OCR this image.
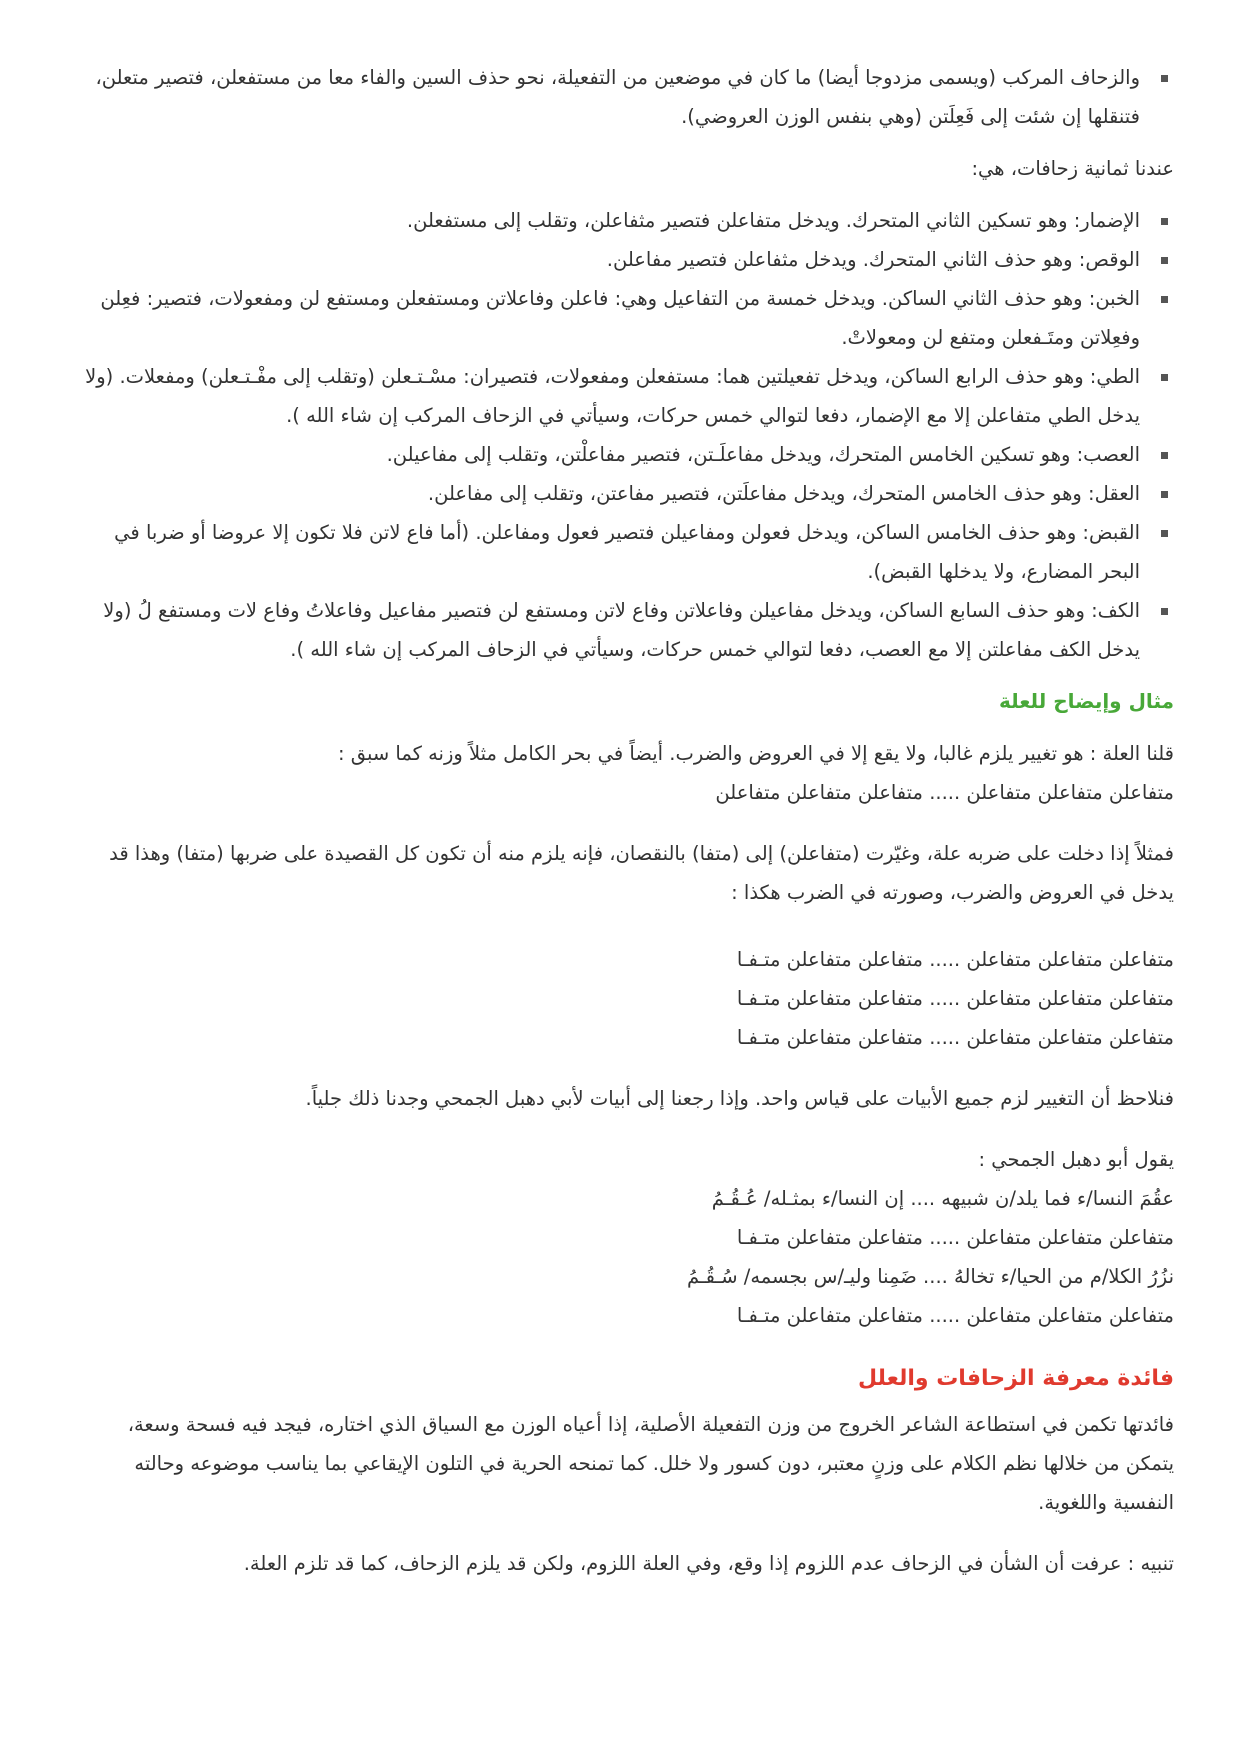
والزحاف المركب (ويسمى مزدوجا أيضا) ما كان في موضعين من التفعيلة، نحو حذف السين والفاء معا من مستفعلن، فتصير متعلن، فتنقلها إن شئت إلى فَعِلَتن (وهي بنفس الوزن العروضي).

عندنا ثمانية زحافات، هي:

الإضمار: وهو تسكين الثاني المتحرك. ويدخل متفاعلن فتصير مثفاعلن، وتقلب إلى مستفعلن.
الوقص: وهو حذف الثاني المتحرك. ويدخل مثفاعلن فتصير مفاعلن.
الخبن: وهو حذف الثاني الساكن. ويدخل خمسة من التفاعيل وهي: فاعلن وفاعلاتن ومستفعلن ومستفع لن ومفعولات، فتصير: فعِلن وفعِلاتن ومتَـفعلن ومتفع لن ومعولاتْ.
الطي: وهو حذف الرابع الساكن، ويدخل تفعيلتين هما: مستفعلن ومفعولات، فتصيران: مسْـتـعلن (وتقلب إلى مفْـتـعلن) ومفعلات. (ولا يدخل الطي متفاعلن إلا مع الإضمار، دفعا لتوالي خمس حركات، وسيأتي في الزحاف المركب إن شاء الله ).
العصب: وهو تسكين الخامس المتحرك، ويدخل مفاعلَـتن، فتصير مفاعلْتن، وتقلب إلى مفاعيلن.
العقل: وهو حذف الخامس المتحرك، ويدخل مفاعلَتن، فتصير مفاعتن، وتقلب إلى مفاعلن.
القبض: وهو حذف الخامس الساكن، ويدخل فعولن ومفاعيلن فتصير فعول ومفاعلن. (أما فاع لاتن فلا تكون إلا عروضا أو ضربا في البحر المضارع، ولا يدخلها القبض).
الكف: وهو حذف السابع الساكن، ويدخل مفاعيلن وفاعلاتن وفاع لاتن ومستفع لن فتصير مفاعيل وفاعلاتُ وفاع لات ومستفع لُ (ولا يدخل الكف مفاعلتن إلا مع العصب، دفعا لتوالي خمس حركات، وسيأتي في الزحاف المركب إن شاء الله ).
مثال وإيضاح للعلة

قلنا العلة : هو تغيير يلزم غالبا، ولا يقع إلا في العروض والضرب. أيضاً في بحر الكامل مثلاً وزنه كما سبق :

متفاعلن متفاعلن متفاعلن ..... متفاعلن متفاعلن متفاعلن

فمثلاً إذا دخلت على ضربه علة، وغيّرت (متفاعلن) إلى (متفا) بالنقصان، فإنه يلزم منه أن تكون كل القصيدة على ضربها (متفا) وهذا قد يدخل في العروض والضرب، وصورته في الضرب هكذا :

متفاعلن متفاعلن متفاعلن ..... متفاعلن متفاعلن متـفـا

متفاعلن متفاعلن متفاعلن ..... متفاعلن متفاعلن متـفـا

متفاعلن متفاعلن متفاعلن ..... متفاعلن متفاعلن متـفـا

فنلاحظ أن التغيير لزم جميع الأبيات على قياس واحد. وإذا رجعنا إلى أبيات لأبي دهبل الجمحي وجدنا ذلك جلياً.

يقول أبو دهبل الجمحي :

عقُمَ النسا/ء فما يلد/ن شبيهه .... إن النسا/ء بمثـله/ عُـقُـمُ

متفاعلن متفاعلن متفاعلن ..... متفاعلن متفاعلن متـفـا

نزُرُ الكلا/م من الحيا/ء تخالهُ .... ضَمِنا وليـ/س بجسمه/ سُـقُـمُ

متفاعلن متفاعلن متفاعلن ..... متفاعلن متفاعلن متـفـا

فائدة معرفة الزحافات والعلل

فائدتها تكمن في استطاعة الشاعر الخروج من وزن التفعيلة الأصلية، إذا أعياه الوزن مع السياق الذي اختاره، فيجد فيه فسحة وسعة، يتمكن من خلالها نظم الكلام على وزنٍ معتبر، دون كسور ولا خلل. كما تمنحه الحرية في التلون الإيقاعي بما يناسب موضوعه وحالته النفسية واللغوية.

تنبيه : عرفت أن الشأن في الزحاف عدم اللزوم إذا وقع، وفي العلة اللزوم، ولكن قد يلزم الزحاف، كما قد تلزم العلة.
